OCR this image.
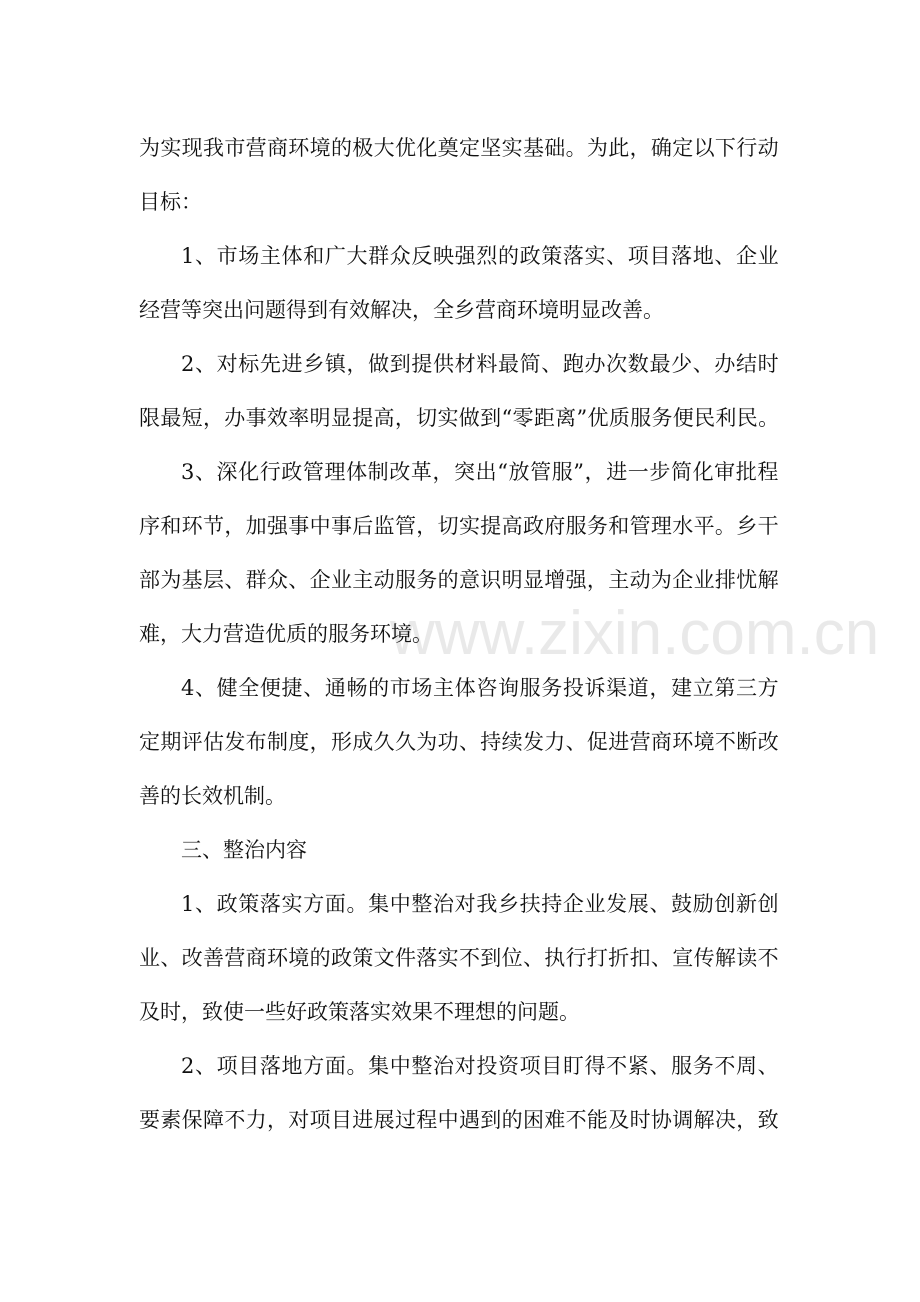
www.zixin.com.cn
为实现我市营商环境的极大优化奠定坚实基础。为此，确定以下行动
目标：
1、市场主体和广大群众反映强烈的政策落实、项目落地、企业
经营等突出问题得到有效解决，全乡营商环境明显改善。
2、对标先进乡镇，做到提供材料最简、跑办次数最少、办结时
限最短，办事效率明显提高，切实做到“零距离”优质服务便民利民。
3、深化行政管理体制改革，突出“放管服”，进一步简化审批程
序和环节，加强事中事后监管，切实提高政府服务和管理水平。乡干
部为基层、群众、企业主动服务的意识明显增强，主动为企业排忧解
难，大力营造优质的服务环境。
4、健全便捷、通畅的市场主体咨询服务投诉渠道，建立第三方
定期评估发布制度，形成久久为功、持续发力、促进营商环境不断改
善的长效机制。
三、整治内容
1、政策落实方面。集中整治对我乡扶持企业发展、鼓励创新创
业、改善营商环境的政策文件落实不到位、执行打折扣、宣传解读不
及时，致使一些好政策落实效果不理想的问题。
2、项目落地方面。集中整治对投资项目盯得不紧、服务不周、
要素保障不力，对项目进展过程中遇到的困难不能及时协调解决，致
